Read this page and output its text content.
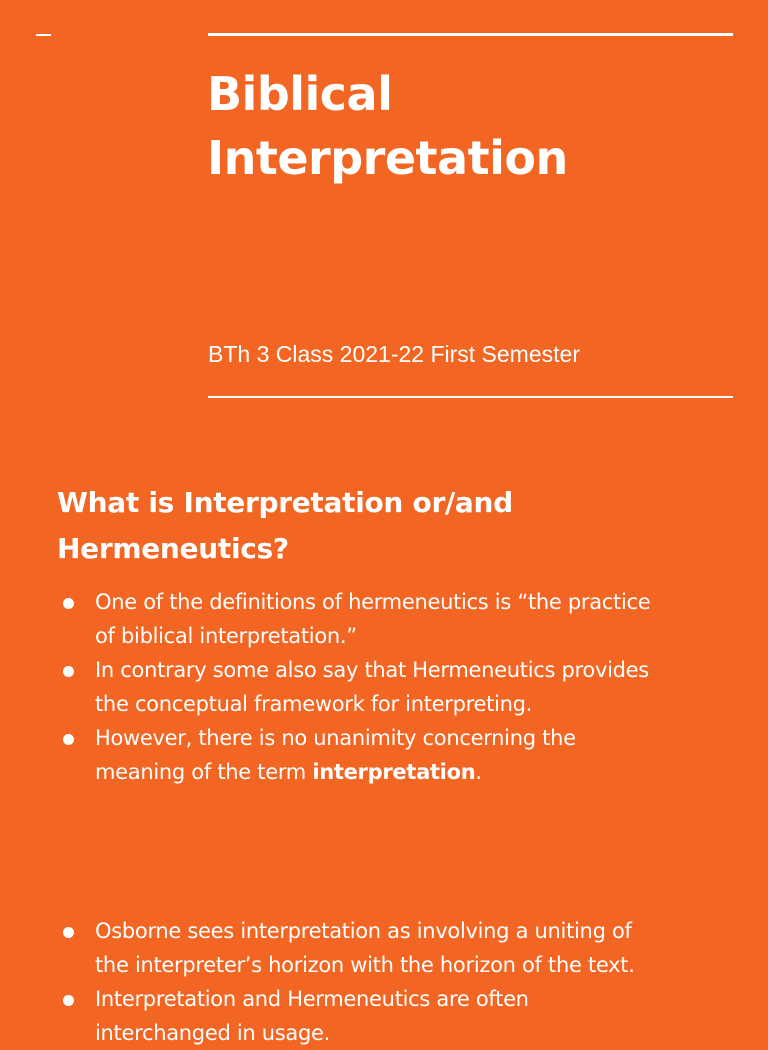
Biblical
Interpretation

BTh 3 Class 2021-22 First Semester

What is Interpretation or/and
Hermeneutics?
One of the definitions of hermeneutics is “the practice
of biblical interpretation.”
In contrary some also say that Hermeneutics provides
the conceptual framework for interpreting.
However, there is no unanimity concerning the
meaning of the term interpretation.
Osborne sees interpretation as involving a uniting of
the interpreter’s horizon with the horizon of the text.
Interpretation and Hermeneutics are often
interchanged in usage.
